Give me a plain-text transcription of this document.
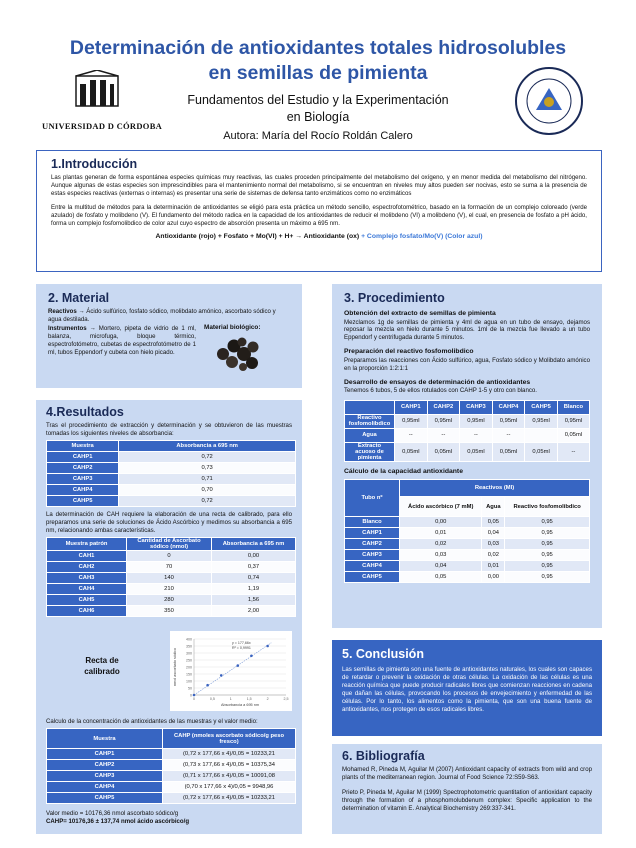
UNIVERSIDAD D CÓRDOBA
Determinación de antioxidantes totales hidrosolubles
en semillas de pimienta
Fundamentos del Estudio y la Experimentación
en Biología
Autora: María del Rocío Roldán Calero
1.Introducción
Las plantas generan de forma espontánea especies químicas muy reactivas, las cuales proceden principalmente del metabolismo del oxígeno, y en menor medida del metabolismo del nitrógeno. Aunque algunas de estas especies son imprescindibles para el mantenimiento normal del metabolismo, si se encuentran en niveles muy altos pueden ser nocivas, esto se suma a la presencia de estas especies reactivas (externas o internas) es presentar una serie de sistemas de defensa tanto enzimáticos como no enzimáticos
Entre la multitud de métodos para la determinación de antioxidantes se eligió para esta práctica un método sencillo, espectrofotométrico, basado en la formación de un complejo coloreado (verde azulado) de fosfato y molibdeno (V). El fundamento del método radica en la capacidad de los antioxidantes de reducir el molibdeno (VI) a molibdeno (V), el cual, en presencia de fosfato a pH ácido, forma un complejo fosfomolibdico de color azul cuyo espectro de absorción presenta un máximo a 695 nm.
Antioxidante (rojo) + Fosfato + Mo(VI) + H+ → Antioxidante (ox) + Complejo fosfato/Mo(V) (Color azul)
2. Material
Reactivos → Ácido sulfúrico, fosfato sódico, molibdato amónico, ascorbato sódico y agua destilada.
Instrumentos → Mortero, pipeta de vidrio de 1 ml, balanza, microfuga, bloque térmico, espectrofotómetro, cubetas de espectrofotómetro de 1 ml, tubos Eppendorf y cubeta con hielo picado.
Material biológico:
4.Resultados
Tras el procedimiento de extracción y determinación y se obtuvieron de las muestras tomadas los siguientes niveles de absorbancia:
Muestra	Absorbancia a 695 nm
CAHP1	0,72
CAHP2	0,73
CAHP3	0,71
CAHP4	0,70
CAHP5	0,72
La determinación de CAH requiere la elaboración de una recta de calibrado, para ello preparamos una serie de soluciones de Ácido Ascórbico y medimos su absorbancia a 695 nm, relacionando ambas características.
Muestra patrón	Cantidad de Ascorbato sódico (nmol)	Absorbancia a 695 nm
CAH1	0	0,00
CAH2	70	0,37
CAH3	140	0,74
CAH4	210	1,19
CAH5	280	1,56
CAH6	350	2,00
Recta de
calibrado
0
50
100
150
200
250
300
350
400
0	0,5	1	1,5	2	2,5
Absorbancia a 695 nm
nmol ascorbato sódico
y = 177,66x
R² = 0,9991
Calculo de la concentración de antioxidantes de las muestras y el valor medio:
Muestra	CAHP (nmoles ascorbato sódico/g peso fresco)
CAHP1	(0,72 x 177,66 x 4)/0,05 = 10233,21
CAHP2	(0,73 x 177,66 x 4)/0,05 = 10375,34
CAHP3	(0,71 x 177,66 x 4)/0,05 = 10091,08
CAHP4	(0,70 x 177,66 x 4)/0,05 = 9948,96
CAHP5	(0,72 x 177,66 x 4)/0,05 = 10233,21
Valor medio = 10176,36 nmol ascorbato sódico/g
CAHP= 10176,36 ± 137,74 nmol ácido ascórbico/g
3. Procedimiento
Obtención del extracto de semillas de pimienta
Mezclamos 1g de semillas de pimienta y 4ml de agua en un tubo de ensayo, dejamos reposar la mezcla en hielo durante 5 minutos. 1ml de la mezcla fue llevado a un tubo Eppendorf y centrifugada durante 5 minutos.
Preparación del reactivo fosfomolibdico
Preparamos las reacciones con Ácido sulfúrico, agua, Fosfato sódico y Molibdato amónico en la proporción 1:2:1:1
Desarrollo de ensayos de determinación de antioxidantes
Tenemos 6 tubos, 5 de ellos rotulados con CAHP 1-5 y otro con blanco.
	CAHP1	CAHP2	CAHP3	CAHP4	CAHP5	Blanco
Reactivo fosfomolibdico	0,95ml	0,95ml	0,95ml	0,95ml	0,95ml	0,95ml
Agua	--	--	--	--		0,05ml
Extracto acuoso de pimienta	0,05ml	0,05ml	0,05ml	0,05ml	0,05ml	--
Cálculo de la capacidad antioxidante
Tubo nº	Reactivos (Ml)		
	Ácido ascórbico (7 mM)	Agua	Reactivo fosfomolibdico
Blanco	0,00	0,05	0,95
CAHP1	0,01	0,04	0,95
CAHP2	0,02	0,03	0,95
CAHP3	0,03	0,02	0,95
CAHP4	0,04	0,01	0,95
CAHP5	0,05	0,00	0,95
5. Conclusión
Las semillas de pimienta son una fuente de antioxidantes naturales, los cuales son capaces de retardar o prevenir la oxidación de otras células. La oxidación de las células es una reacción química que puede producir radicales libres que comienzan reacciones en cadena que dañan las células, provocando los procesos de envejecimiento y enfermedad de las células. Por lo tanto, los alimentos como la pimienta, que son una buena fuente de antioxidantes, nos protegen de esos radicales libres.
6. Bibliografía
Mohamed R, Pineda M, Aguilar M (2007) Antioxidant capacity of extracts from wild and crop plants of the mediterranean region. Journal of Food Science 72:S59-S63.
Prieto P, Pineda M, Aguilar M (1999) Spectrophotometric quantitation of antioxidant capacity through the formation of a phosphomolubdenum complex: Specific application to the determination of vitamin E. Analytical Biochemistry 269:337-341.
